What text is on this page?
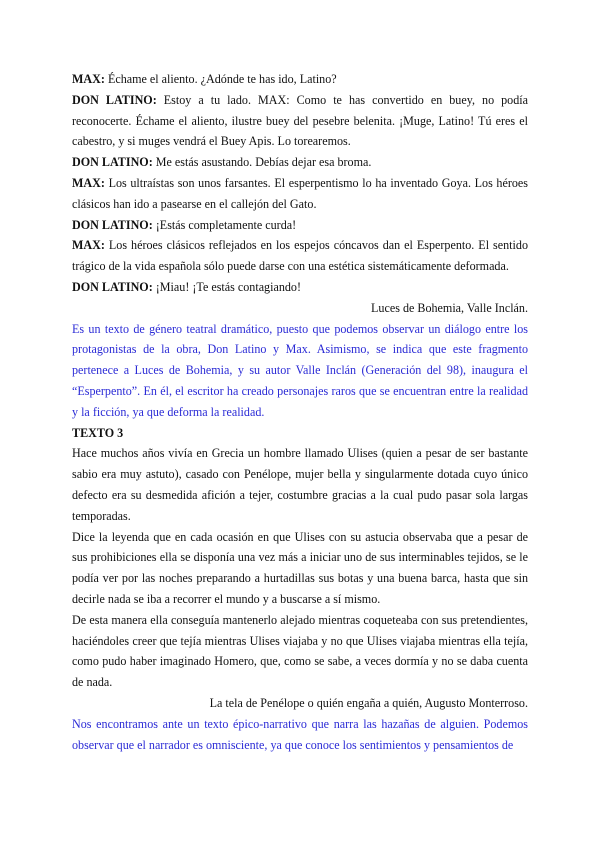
MAX: Échame el aliento. ¿Adónde te has ido, Latino?

DON LATINO: Estoy a tu lado. MAX: Como te has convertido en buey, no podía reconocerte. Échame el aliento, ilustre buey del pesebre belenita. ¡Muge, Latino! Tú eres el cabestro, y si muges vendrá el Buey Apis. Lo torearemos.

DON LATINO: Me estás asustando. Debías dejar esa broma.

MAX: Los ultraístas son unos farsantes. El esperpentismo lo ha inventado Goya. Los héroes clásicos han ido a pasearse en el callejón del Gato.

DON LATINO: ¡Estás completamente curda!

MAX: Los héroes clásicos reflejados en los espejos cóncavos dan el Esperpento. El sentido trágico de la vida española sólo puede darse con una estética sistemáticamente deformada.

DON LATINO: ¡Miau! ¡Te estás contagiando!

Luces de Bohemia, Valle Inclán.

Es un texto de género teatral dramático, puesto que podemos observar un diálogo entre los protagonistas de la obra, Don Latino y Max. Asimismo, se indica que este fragmento pertenece a Luces de Bohemia, y su autor Valle Inclán (Generación del 98), inaugura el “Esperpento”. En él, el escritor ha creado personajes raros que se encuentran entre la realidad y la ficción, ya que deforma la realidad.

TEXTO 3

Hace muchos años vivía en Grecia un hombre llamado Ulises (quien a pesar de ser bastante sabio era muy astuto), casado con Penélope, mujer bella y singularmente dotada cuyo único defecto era su desmedida afición a tejer, costumbre gracias a la cual pudo pasar sola largas temporadas.

Dice la leyenda que en cada ocasión en que Ulises con su astucia observaba que a pesar de sus prohibiciones ella se disponía una vez más a iniciar uno de sus interminables tejidos, se le podía ver por las noches preparando a hurtadillas sus botas y una buena barca, hasta que sin decirle nada se iba a recorrer el mundo y a buscarse a sí mismo.

De esta manera ella conseguía mantenerlo alejado mientras coqueteaba con sus pretendientes, haciéndoles creer que tejía mientras Ulises viajaba y no que Ulises viajaba mientras ella tejía, como pudo haber imaginado Homero, que, como se sabe, a veces dormía y no se daba cuenta de nada.

La tela de Penélope o quién engaña a quién, Augusto Monterroso.

Nos encontramos ante un texto épico-narrativo que narra las hazañas de alguien. Podemos observar que el narrador es omnisciente, ya que conoce los sentimientos y pensamientos de
